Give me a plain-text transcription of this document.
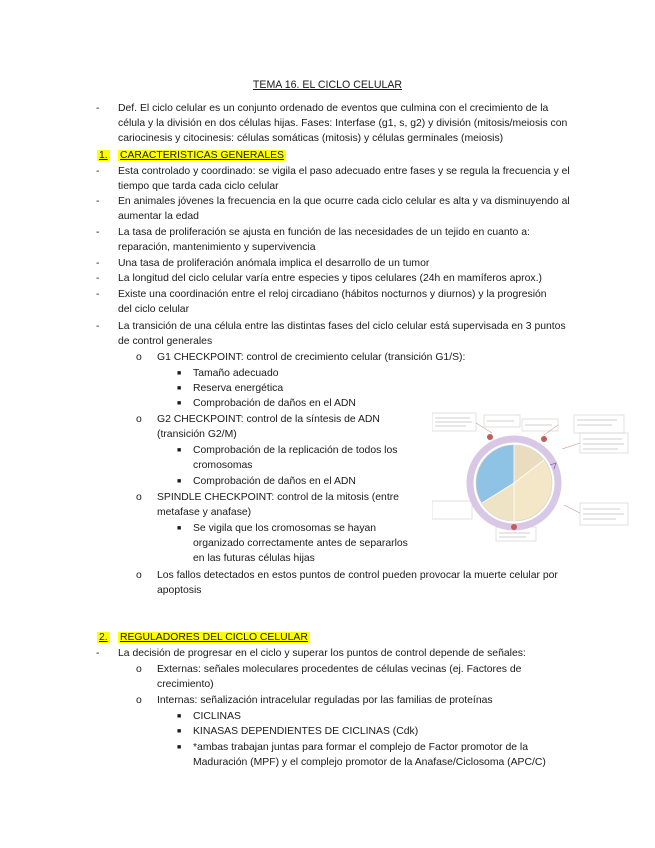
TEMA 16. EL CICLO CELULAR
- Def. El ciclo celular es un conjunto ordenado de eventos que culmina con el crecimiento de la
célula y la división en dos células hijas. Fases: Interfase (g1, s, g2) y división (mitosis/meiosis con
cariocinesis y citocinesis: células somáticas (mitosis) y células germinales (meiosis)
1. CARACTERISTICAS GENERALES
- Esta controlado y coordinado: se vigila el paso adecuado entre fases y se regula la frecuencia y el
tiempo que tarda cada ciclo celular
- En animales jóvenes la frecuencia en la que ocurre cada ciclo celular es alta y va disminuyendo al
aumentar la edad
- La tasa de proliferación se ajusta en función de las necesidades de un tejido en cuanto a:
reparación, mantenimiento y supervivencia
- Una tasa de proliferación anómala implica el desarrollo de un tumor
- La longitud del ciclo celular varía entre especies y tipos celulares (24h en mamíferos aprox.)
- Existe una coordinación entre el reloj circadiano (hábitos nocturnos y diurnos) y la progresión
del ciclo celular
- La transición de una célula entre las distintas fases del ciclo celular está supervisada en 3 puntos
de control generales
o G1 CHECKPOINT: control de crecimiento celular (transición G1/S):
■ Tamaño adecuado
■ Reserva energética
■ Comprobación de daños en el ADN
o G2 CHECKPOINT: control de la síntesis de ADN
(transición G2/M)
■ Comprobación de la replicación de todos los
cromosomas
■ Comprobación de daños en el ADN
o SPINDLE CHECKPOINT: control de la mitosis (entre
metafase y anafase)
■ Se vigila que los cromosomas se hayan
organizado correctamente antes de separarlos
en las futuras células hijas
o Los fallos detectados en estos puntos de control pueden provocar la muerte celular por
apoptosis
2. REGULADORES DEL CICLO CELULAR
- La decisión de progresar en el ciclo y superar los puntos de control depende de señales:
o Externas: señales moleculares procedentes de células vecinas (ej. Factores de
crecimiento)
o Internas: señalización intracelular reguladas por las familias de proteínas
■ CICLINAS
■ KINASAS DEPENDIENTES DE CICLINAS (Cdk)
■ *ambas trabajan juntas para formar el complejo de Factor promotor de la
Maduración (MPF) y el complejo promotor de la Anafase/Ciclosoma (APC/C)
